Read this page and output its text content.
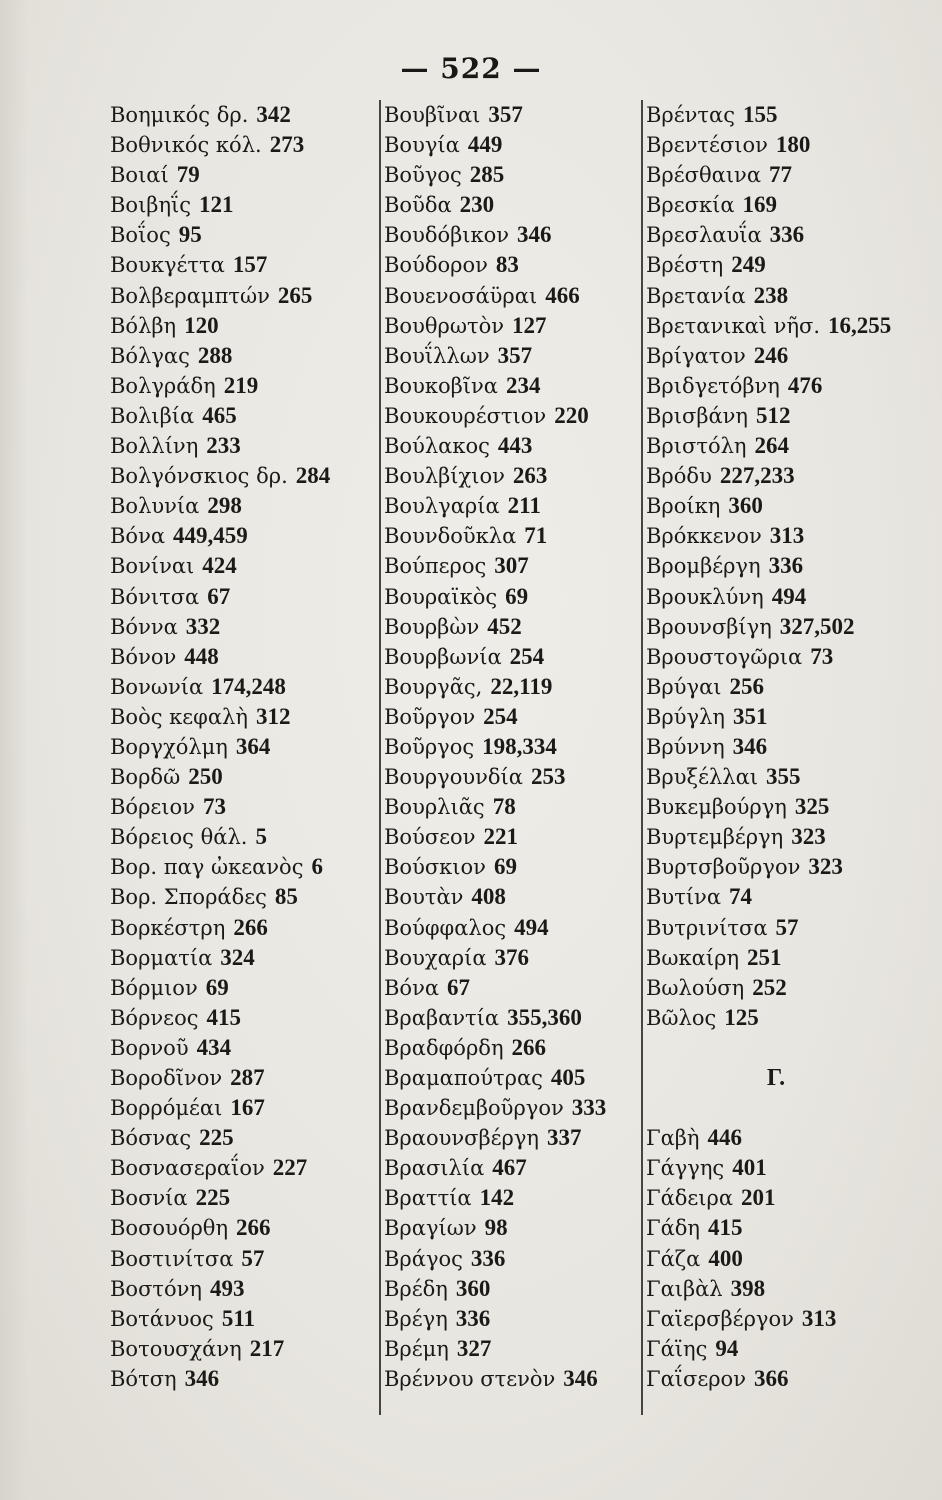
— 522 —
Βοημικός δρ. 342
Βοθνικός κόλ. 273
Βοιαί 79
Βοιβηΐς 121
Βοΐος 95
Βουκγέττα 157
Βολβεραμπτών 265
Βόλβη 120
Βόλγας 288
Βολγράδη 219
Βολιβία 465
Βολλίνη 233
Βολγόνσκιος δρ. 284
Βολυνία 298
Βόνα 449,459
Βονίναι 424
Βόνιτσα 67
Βόννα 332
Βόνον 448
Βονωνία 174,248
Βοὸς κεφαλὴ 312
Βοργχόλμη 364
Βορδῶ 250
Βόρειον 73
Βόρειος θάλ. 5
Βορ. παγ ὠκεανὸς 6
Βορ. Σποράδες 85
Βορκέστρη 266
Βορματία 324
Βόρμιον 69
Βόρνεος 415
Βορνοῦ 434
Βοροδῖνον 287
Βορρόμέαι 167
Βόσνας 225
Βοσνασεραΐον 227
Βοσνία 225
Βοσουόρθη 266
Βοστινίτσα 57
Βοστόνη 493
Βοτάνυος 511
Βοτουσχάνη 217
Βότση 346
Βουβῖναι 357
Βουγία 449
Βοῦγος 285
Βοῦδα 230
Βουδόβικον 346
Βούδορον 83
Βουενοσάϋραι 466
Βουθρωτὸν 127
Βουΐλλων 357
Βουκοβῖνα 234
Βουκουρέστιον 220
Βούλακος 443
Βουλβίχιον 263
Βουλγαρία 211
Βουνδοῦκλα 71
Βούπερος 307
Βουραϊκὸς 69
Βουρβὼν 452
Βουρβωνία 254
Βουργᾶς, 22,119
Βοῦργον 254
Βοῦργος 198,334
Βουργουνδία 253
Βουρλιᾶς 78
Βούσεον 221
Βούσκιον 69
Βουτὰν 408
Βούφφαλος 494
Βουχαρία 376
Βόνα 67
Βραβαντία 355,360
Βραδφόρδη 266
Βραμαπούτρας 405
Βρανδεμβοῦργον 333
Βραουνσβέργη 337
Βρασιλία 467
Βραττία 142
Βραγίων 98
Βράγος 336
Βρέδη 360
Βρέγη 336
Βρέμη 327
Βρέννου στενὸν 346
Βρέντας 155
Βρεντέσιον 180
Βρέσθαινα 77
Βρεσκία 169
Βρεσλαυΐα 336
Βρέστη 249
Βρετανία 238
Βρετανικαὶ νῆσ. 16,255
Βρίγατον 246
Βριδγετόβνη 476
Βρισβάνη 512
Βριστόλη 264
Βρόδυ 227,233
Βροίκη 360
Βρόκκενον 313
Βρομβέργη 336
Βρουκλύνη 494
Βρουνσβίγη 327,502
Βρουστογῶρια 73
Βρύγαι 256
Βρύγλη 351
Βρύννη 346
Βρυξέλλαι 355
Βυκεμβούργη 325
Βυρτεμβέργη 323
Βυρτσβοῦργον 323
Βυτίνα 74
Βυτρινίτσα 57
Βωκαίρη 251
Βωλούση 252
Βῶλος 125
Γ.
Γαβὴ 446
Γάγγης 401
Γάδειρα 201
Γάδη 415
Γάζα 400
Γαιβὰλ 398
Γαϊερσβέργον 313
Γάϊης 94
Γαΐσερον 366
